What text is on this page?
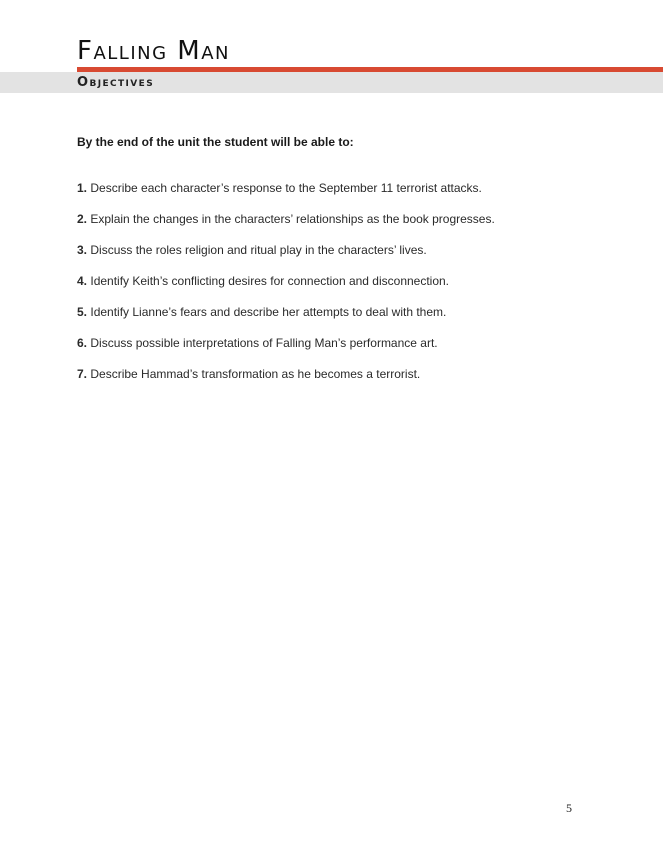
Falling Man
Objectives

By the end of the unit the student will be able to:

1. Describe each character’s response to the September 11 terrorist attacks.
2. Explain the changes in the characters’ relationships as the book progresses.
3. Discuss the roles religion and ritual play in the characters’ lives.
4. Identify Keith’s conflicting desires for connection and disconnection.
5. Identify Lianne’s fears and describe her attempts to deal with them.
6. Discuss possible interpretations of Falling Man’s performance art.
7. Describe Hammad’s transformation as he becomes a terrorist.

5
